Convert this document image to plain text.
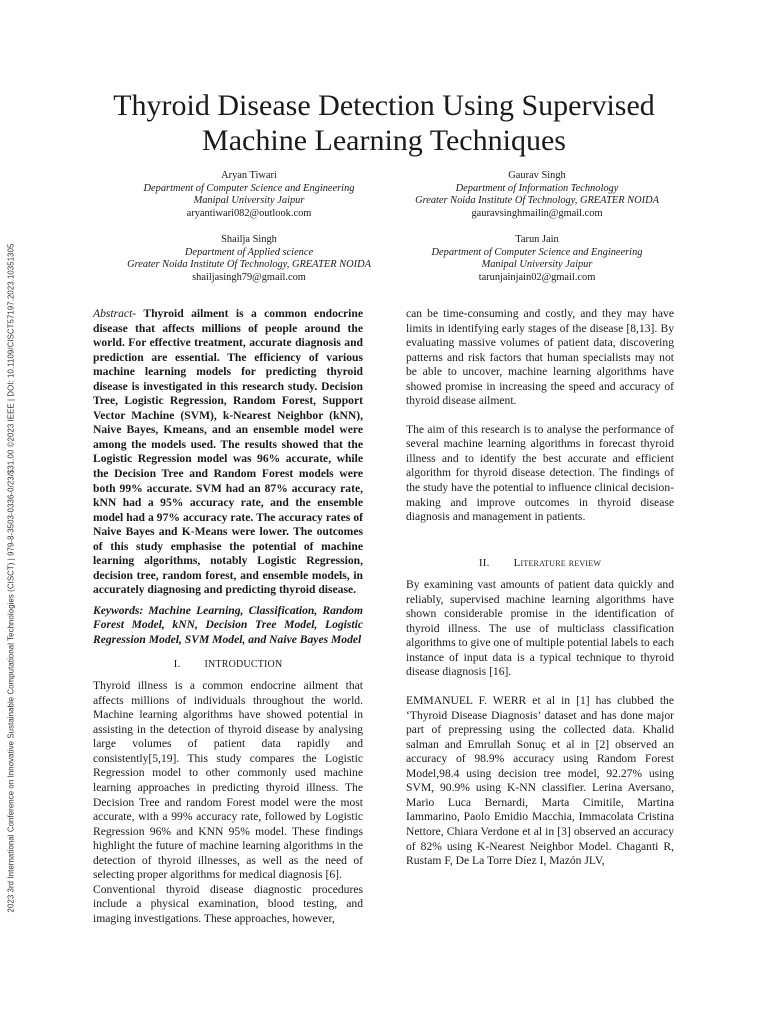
2023 3rd International Conference on Innovative Sustainable Computational Technologies (CISCT) | 979-8-3503-0336-0/23/$31.00 ©2023 IEEE | DOI: 10.1109/CISCT57197.2023.10351305
Thyroid Disease Detection Using Supervised
Machine Learning Techniques
Aryan Tiwari
Department of Computer Science and Engineering
Manipal University Jaipur
aryantiwari082@outlook.com
Gaurav Singh
Department of Information Technology
Greater Noida Institute Of Technology, GREATER NOIDA
gauravsinghmailin@gmail.com
Shailja Singh
Department of Applied science
Greater Noida Institute Of Technology, GREATER NOIDA
shailjasingh79@gmail.com
Tarun Jain
Department of Computer Science and Engineering
Manipal University Jaipur
tarunjainjain02@gmail.com

Abstract- Thyroid ailment is a common endocrine disease that affects millions of people around the world. For effective treatment, accurate diagnosis and prediction are essential. The efficiency of various machine learning models for predicting thyroid disease is investigated in this research study. Decision Tree, Logistic Regression, Random Forest, Support Vector Machine (SVM), k-Nearest Neighbor (kNN), Naive Bayes, Kmeans, and an ensemble model were among the models used. The results showed that the Logistic Regression model was 96% accurate, while the Decision Tree and Random Forest models were both 99% accurate. SVM had an 87% accuracy rate, kNN had a 95% accuracy rate, and the ensemble model had a 97% accuracy rate. The accuracy rates of Naive Bayes and K-Means were lower. The outcomes of this study emphasise the potential of machine learning algorithms, notably Logistic Regression, decision tree, random forest, and ensemble models, in accurately diagnosing and predicting thyroid disease.

Keywords: Machine Learning, Classification, Random Forest Model, kNN, Decision Tree Model, Logistic Regression Model, SVM Model, and Naive Bayes Model

I. INTRODUCTION

Thyroid illness is a common endocrine ailment that affects millions of individuals throughout the world. Machine learning algorithms have showed potential in assisting in the detection of thyroid disease by analysing large volumes of patient data rapidly and consistently[5,19]. This study compares the Logistic Regression model to other commonly used machine learning approaches in predicting thyroid illness. The Decision Tree and random Forest model were the most accurate, with a 99% accuracy rate, followed by Logistic Regression 96% and KNN 95% model. These findings highlight the future of machine learning algorithms in the detection of thyroid illnesses, as well as the need of selecting proper algorithms for medical diagnosis [6].

Conventional thyroid disease diagnostic procedures include a physical examination, blood testing, and imaging investigations. These approaches, however,

can be time-consuming and costly, and they may have limits in identifying early stages of the disease [8,13]. By evaluating massive volumes of patient data, discovering patterns and risk factors that human specialists may not be able to uncover, machine learning algorithms have showed promise in increasing the speed and accuracy of thyroid disease ailment.

The aim of this research is to analyse the performance of several machine learning algorithms in forecast thyroid illness and to identify the best accurate and efficient algorithm for thyroid disease detection. The findings of the study have the potential to influence clinical decision-making and improve outcomes in thyroid disease diagnosis and management in patients.

II. Literature review

By examining vast amounts of patient data quickly and reliably, supervised machine learning algorithms have shown considerable promise in the identification of thyroid illness. The use of multiclass classification algorithms to give one of multiple potential labels to each instance of input data is a typical technique to thyroid disease diagnosis [16].

EMMANUEL F. WERR et al in [1] has clubbed the ‘Thyroid Disease Diagnosis’ dataset and has done major part of prepressing using the collected data. Khalid salman and Emrullah Sonuç et al in [2] observed an accuracy of 98.9% accuracy using Random Forest Model,98.4 using decision tree model, 92.27% using SVM, 90.9% using K-NN classifier. Lerina Aversano, Mario Luca Bernardi, Marta Cimitile, Martina Iammarino, Paolo Emidio Macchia, Immacolata Cristina Nettore, Chiara Verdone et al in [3] observed an accuracy of 82% using K-Nearest Neighbor Model. Chaganti R, Rustam F, De La Torre Díez I, Mazón JLV,
